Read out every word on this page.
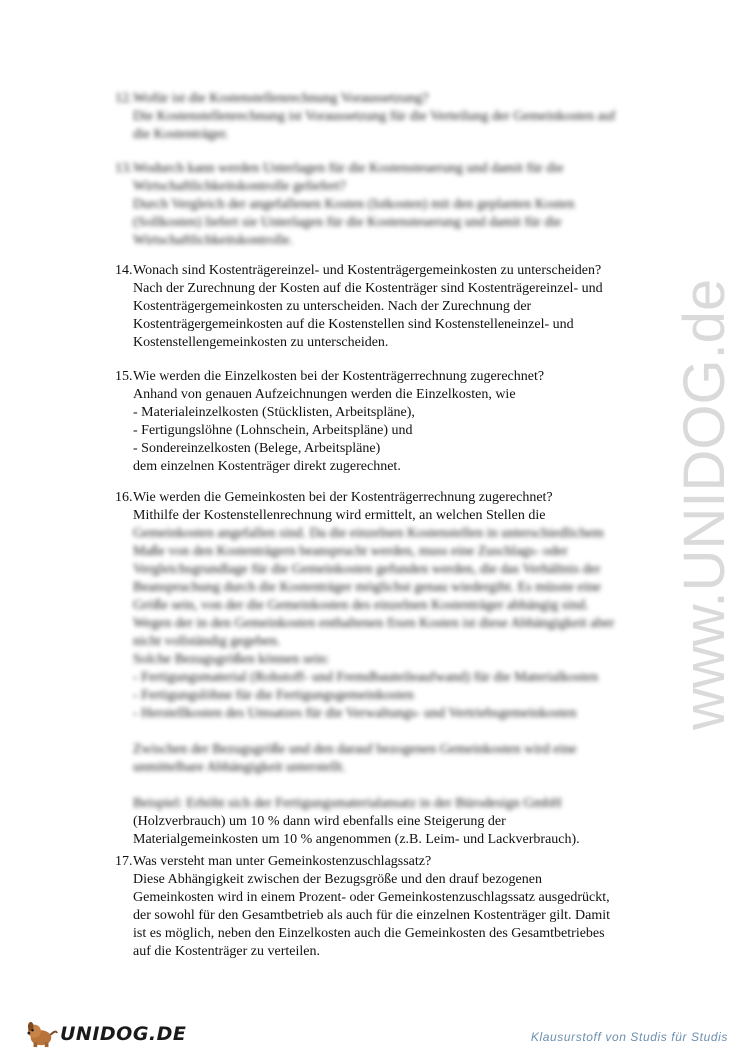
12. Wofür ist die Kostenstellenrechnung Voraussetzung?
Die Kostenstellenrechnung ist Voraussetzung für die Verteilung der Gemeinkosten auf
die Kostenträger.
13. Wodurch kann werden Unterlagen für die Kostensteuerung und damit für die
Wirtschaftlichkeitskontrolle geliefert?
Durch Vergleich der angefallenen Kosten (Istkosten) mit den geplanten Kosten
(Sollkosten) liefert sie Unterlagen für die Kostensteuerung und damit für die
Wirtschaftlichkeitskontrolle.
14. Wonach sind Kostenträgereinzel- und Kostenträgergemeinkosten zu unterscheiden?
Nach der Zurechnung der Kosten auf die Kostenträger sind Kostenträgereinzel- und
Kostenträgergemeinkosten zu unterscheiden. Nach der Zurechnung der
Kostenträgergemeinkosten auf die Kostenstellen sind Kostenstelleneinzel- und
Kostenstellengemeinkosten zu unterscheiden.
15. Wie werden die Einzelkosten bei der Kostenträgerrechnung zugerechnet?
Anhand von genauen Aufzeichnungen werden die Einzelkosten, wie
- Materialeinzelkosten (Stücklisten, Arbeitspläne),
- Fertigungslöhne (Lohnschein, Arbeitspläne) und
- Sondereinzelkosten (Belege, Arbeitspläne)
dem einzelnen Kostenträger direkt zugerechnet.
16. Wie werden die Gemeinkosten bei der Kostenträgerrechnung zugerechnet?
Mithilfe der Kostenstellenrechnung wird ermittelt, an welchen Stellen die
Gemeinkosten angefallen sind. Da die einzelnen Kostenstellen in unterschiedlichem
Maße von den Kostenträgern beansprucht werden, muss eine Zuschlags- oder
Vergleichsgrundlage für die Gemeinkosten gefunden werden, die das Verhältnis der
Beanspruchung durch die Kostenträger möglichst genau wiedergibt. Es müsste eine
Größe sein, von der die Gemeinkosten des einzelnen Kostenträger abhängig sind.
Wegen der in den Gemeinkosten enthaltenen fixen Kosten ist diese Abhängigkeit aber
nicht vollständig gegeben.
Solche Bezugsgrößen können sein:
- Fertigungsmaterial (Rohstoff- und Fremdbauteileaufwand) für die Materialkosten
- Fertigungslöhne für die Fertigungsgemeinkosten
- Herstellkosten des Umsatzes für die Verwaltungs- und Vertriebsgemeinkosten
Zwischen der Bezugsgröße und den darauf bezogenen Gemeinkosten wird eine
unmittelbare Abhängigkeit unterstellt.
Beispiel: Erhöht sich der Fertigungsmaterialansatz in der Bürodesign GmbH
(Holzverbrauch) um 10 % dann wird ebenfalls eine Steigerung der
Materialgemeinkosten um 10 % angenommen (z.B. Leim- und Lackverbrauch).
17. Was versteht man unter Gemeinkostenzuschlagssatz?
Diese Abhängigkeit zwischen der Bezugsgröße und den drauf bezogenen
Gemeinkosten wird in einem Prozent- oder Gemeinkostenzuschlagssatz ausgedrückt,
der sowohl für den Gesamtbetrieb als auch für die einzelnen Kostenträger gilt. Damit
ist es möglich, neben den Einzelkosten auch die Gemeinkosten des Gesamtbetriebes
auf die Kostenträger zu verteilen.
www.UNIDOG.de
UNIDOG.DE	Klausurstoff von Studis für Studis
